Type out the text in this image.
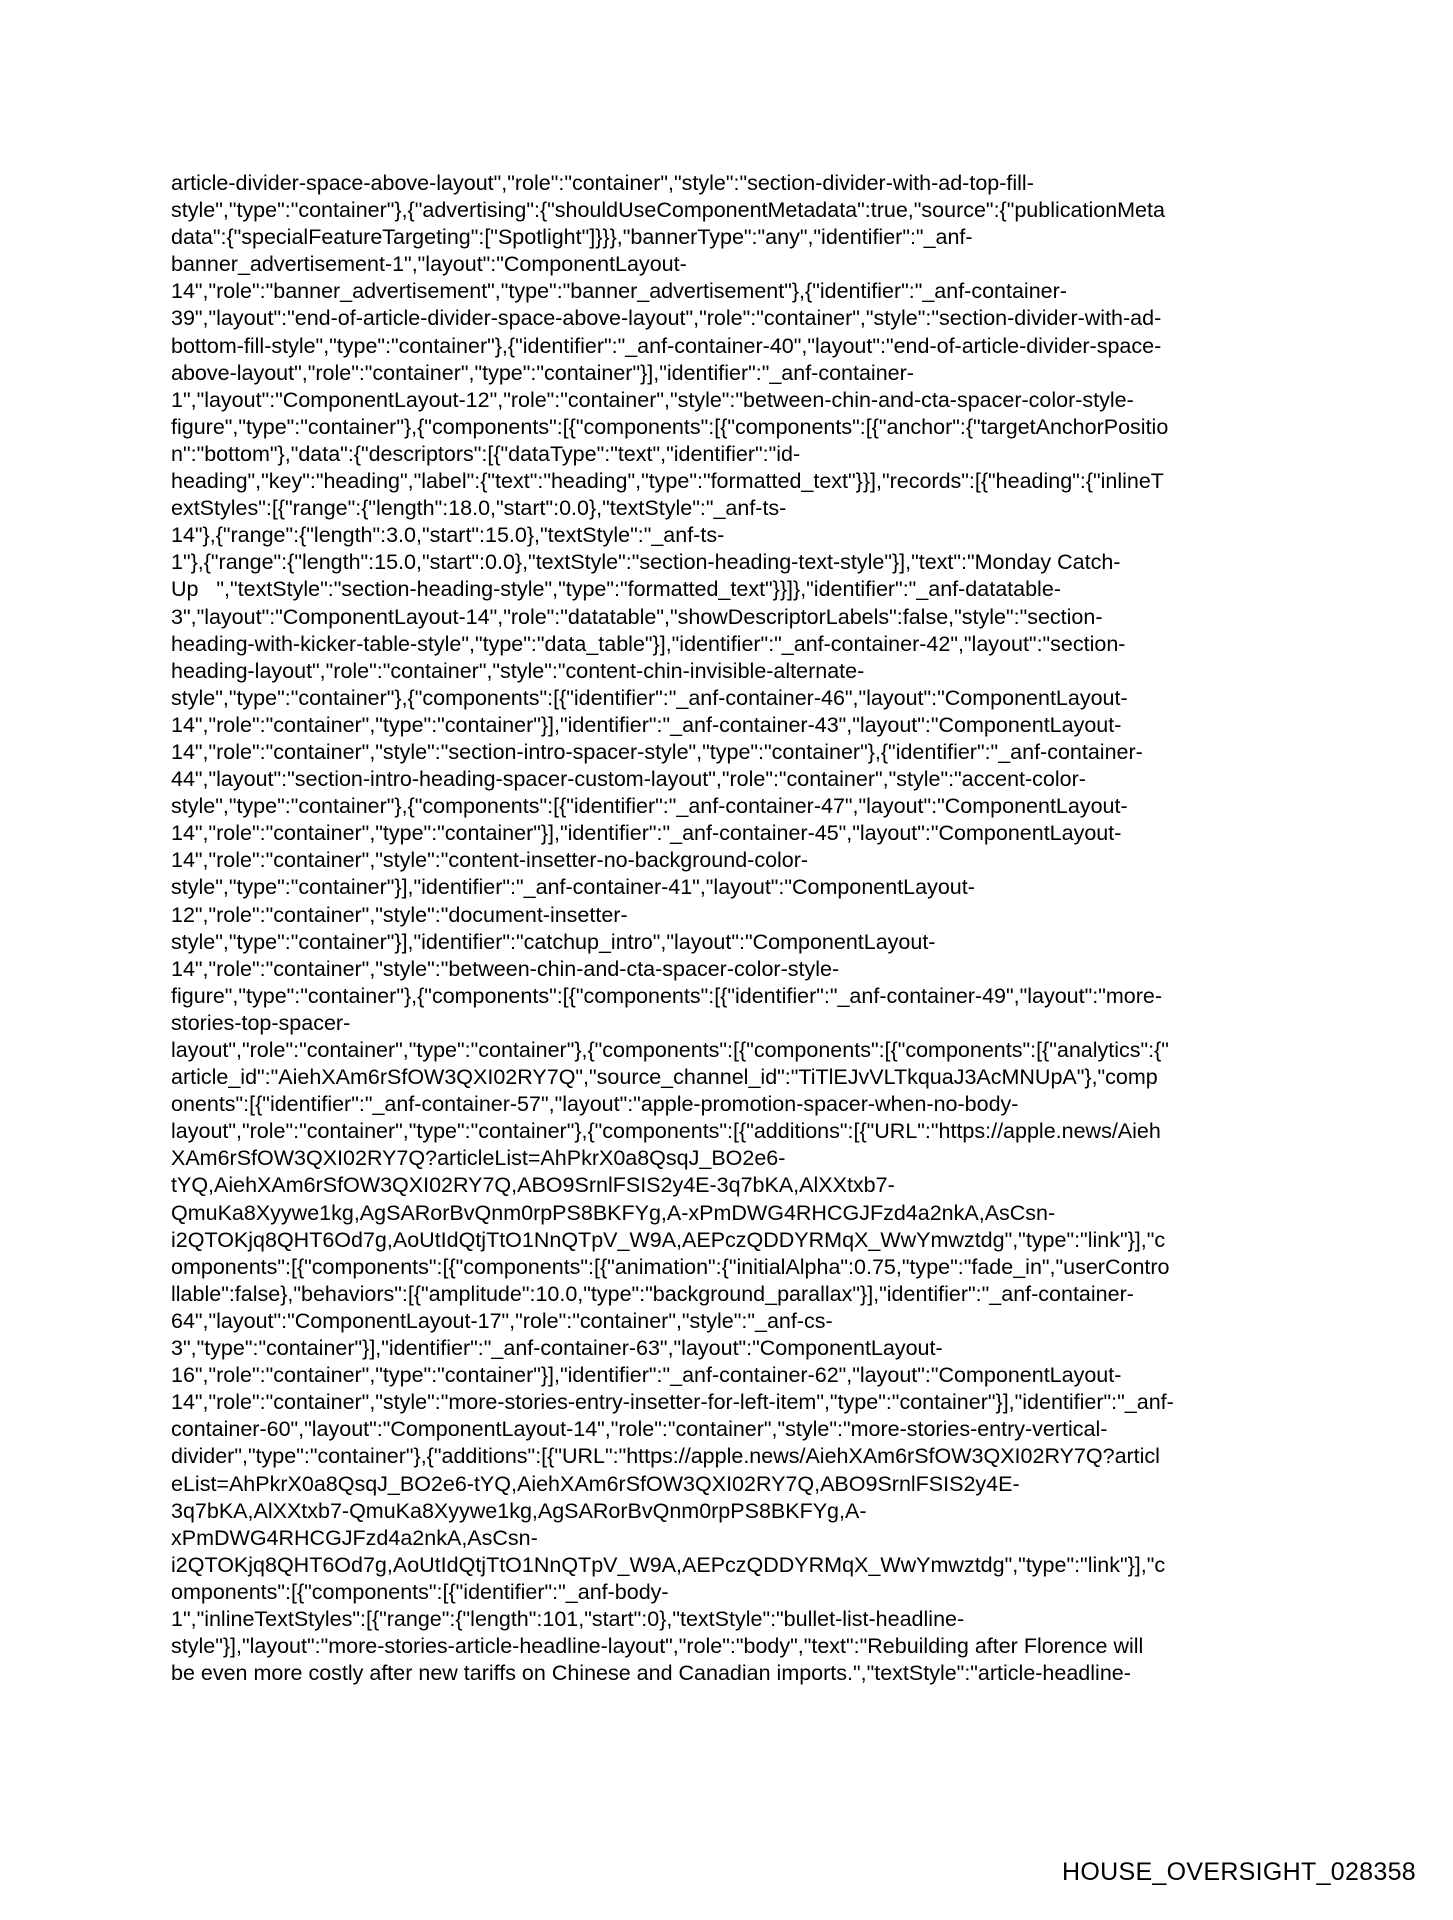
article-divider-space-above-layout","role":"container","style":"section-divider-with-ad-top-fill-
style","type":"container"},{"advertising":{"shouldUseComponentMetadata":true,"source":{"publicationMeta
data":{"specialFeatureTargeting":["Spotlight"]}}},"bannerType":"any","identifier":"_anf-
banner_advertisement-1","layout":"ComponentLayout-
14","role":"banner_advertisement","type":"banner_advertisement"},{"identifier":"_anf-container-
39","layout":"end-of-article-divider-space-above-layout","role":"container","style":"section-divider-with-ad-
bottom-fill-style","type":"container"},{"identifier":"_anf-container-40","layout":"end-of-article-divider-space-
above-layout","role":"container","type":"container"}],"identifier":"_anf-container-
1","layout":"ComponentLayout-12","role":"container","style":"between-chin-and-cta-spacer-color-style-
figure","type":"container"},{"components":[{"components":[{"components":[{"anchor":{"targetAnchorPositio
n":"bottom"},"data":{"descriptors":[{"dataType":"text","identifier":"id-
heading","key":"heading","label":{"text":"heading","type":"formatted_text"}}],"records":[{"heading":{"inlineT
extStyles":[{"range":{"length":18.0,"start":0.0},"textStyle":"_anf-ts-
14"},{"range":{"length":3.0,"start":15.0},"textStyle":"_anf-ts-
1"},{"range":{"length":15.0,"start":0.0},"textStyle":"section-heading-text-style"}],"text":"Monday Catch-
Up   ","textStyle":"section-heading-style","type":"formatted_text"}}]},"identifier":"_anf-datatable-
3","layout":"ComponentLayout-14","role":"datatable","showDescriptorLabels":false,"style":"section-
heading-with-kicker-table-style","type":"data_table"}],"identifier":"_anf-container-42","layout":"section-
heading-layout","role":"container","style":"content-chin-invisible-alternate-
style","type":"container"},{"components":[{"identifier":"_anf-container-46","layout":"ComponentLayout-
14","role":"container","type":"container"}],"identifier":"_anf-container-43","layout":"ComponentLayout-
14","role":"container","style":"section-intro-spacer-style","type":"container"},{"identifier":"_anf-container-
44","layout":"section-intro-heading-spacer-custom-layout","role":"container","style":"accent-color-
style","type":"container"},{"components":[{"identifier":"_anf-container-47","layout":"ComponentLayout-
14","role":"container","type":"container"}],"identifier":"_anf-container-45","layout":"ComponentLayout-
14","role":"container","style":"content-insetter-no-background-color-
style","type":"container"}],"identifier":"_anf-container-41","layout":"ComponentLayout-
12","role":"container","style":"document-insetter-
style","type":"container"}],"identifier":"catchup_intro","layout":"ComponentLayout-
14","role":"container","style":"between-chin-and-cta-spacer-color-style-
figure","type":"container"},{"components":[{"components":[{"identifier":"_anf-container-49","layout":"more-
stories-top-spacer-
layout","role":"container","type":"container"},{"components":[{"components":[{"components":[{"analytics":{"
article_id":"AiehXAm6rSfOW3QXI02RY7Q","source_channel_id":"TiTlEJvVLTkquaJ3AcMNUpA"},"comp
onents":[{"identifier":"_anf-container-57","layout":"apple-promotion-spacer-when-no-body-
layout","role":"container","type":"container"},{"components":[{"additions":[{"URL":"https://apple.news/Aieh
XAm6rSfOW3QXI02RY7Q?articleList=AhPkrX0a8QsqJ_BO2e6-
tYQ,AiehXAm6rSfOW3QXI02RY7Q,ABO9SrnlFSIS2y4E-3q7bKA,AlXXtxb7-
QmuKa8Xyywe1kg,AgSARorBvQnm0rpPS8BKFYg,A-xPmDWG4RHCGJFzd4a2nkA,AsCsn-
i2QTOKjq8QHT6Od7g,AoUtIdQtjTtO1NnQTpV_W9A,AEPczQDDYRMqX_WwYmwztdg","type":"link"}],"c
omponents":[{"components":[{"components":[{"animation":{"initialAlpha":0.75,"type":"fade_in","userContro
llable":false},"behaviors":[{"amplitude":10.0,"type":"background_parallax"}],"identifier":"_anf-container-
64","layout":"ComponentLayout-17","role":"container","style":"_anf-cs-
3","type":"container"}],"identifier":"_anf-container-63","layout":"ComponentLayout-
16","role":"container","type":"container"}],"identifier":"_anf-container-62","layout":"ComponentLayout-
14","role":"container","style":"more-stories-entry-insetter-for-left-item","type":"container"}],"identifier":"_anf-
container-60","layout":"ComponentLayout-14","role":"container","style":"more-stories-entry-vertical-
divider","type":"container"},{"additions":[{"URL":"https://apple.news/AiehXAm6rSfOW3QXI02RY7Q?articl
eList=AhPkrX0a8QsqJ_BO2e6-tYQ,AiehXAm6rSfOW3QXI02RY7Q,ABO9SrnlFSIS2y4E-
3q7bKA,AlXXtxb7-QmuKa8Xyywe1kg,AgSARorBvQnm0rpPS8BKFYg,A-
xPmDWG4RHCGJFzd4a2nkA,AsCsn-
i2QTOKjq8QHT6Od7g,AoUtIdQtjTtO1NnQTpV_W9A,AEPczQDDYRMqX_WwYmwztdg","type":"link"}],"c
omponents":[{"components":[{"identifier":"_anf-body-
1","inlineTextStyles":[{"range":{"length":101,"start":0},"textStyle":"bullet-list-headline-
style"}],"layout":"more-stories-article-headline-layout","role":"body","text":"Rebuilding after Florence will
be even more costly after new tariffs on Chinese and Canadian imports.","textStyle":"article-headline-
HOUSE_OVERSIGHT_028358
